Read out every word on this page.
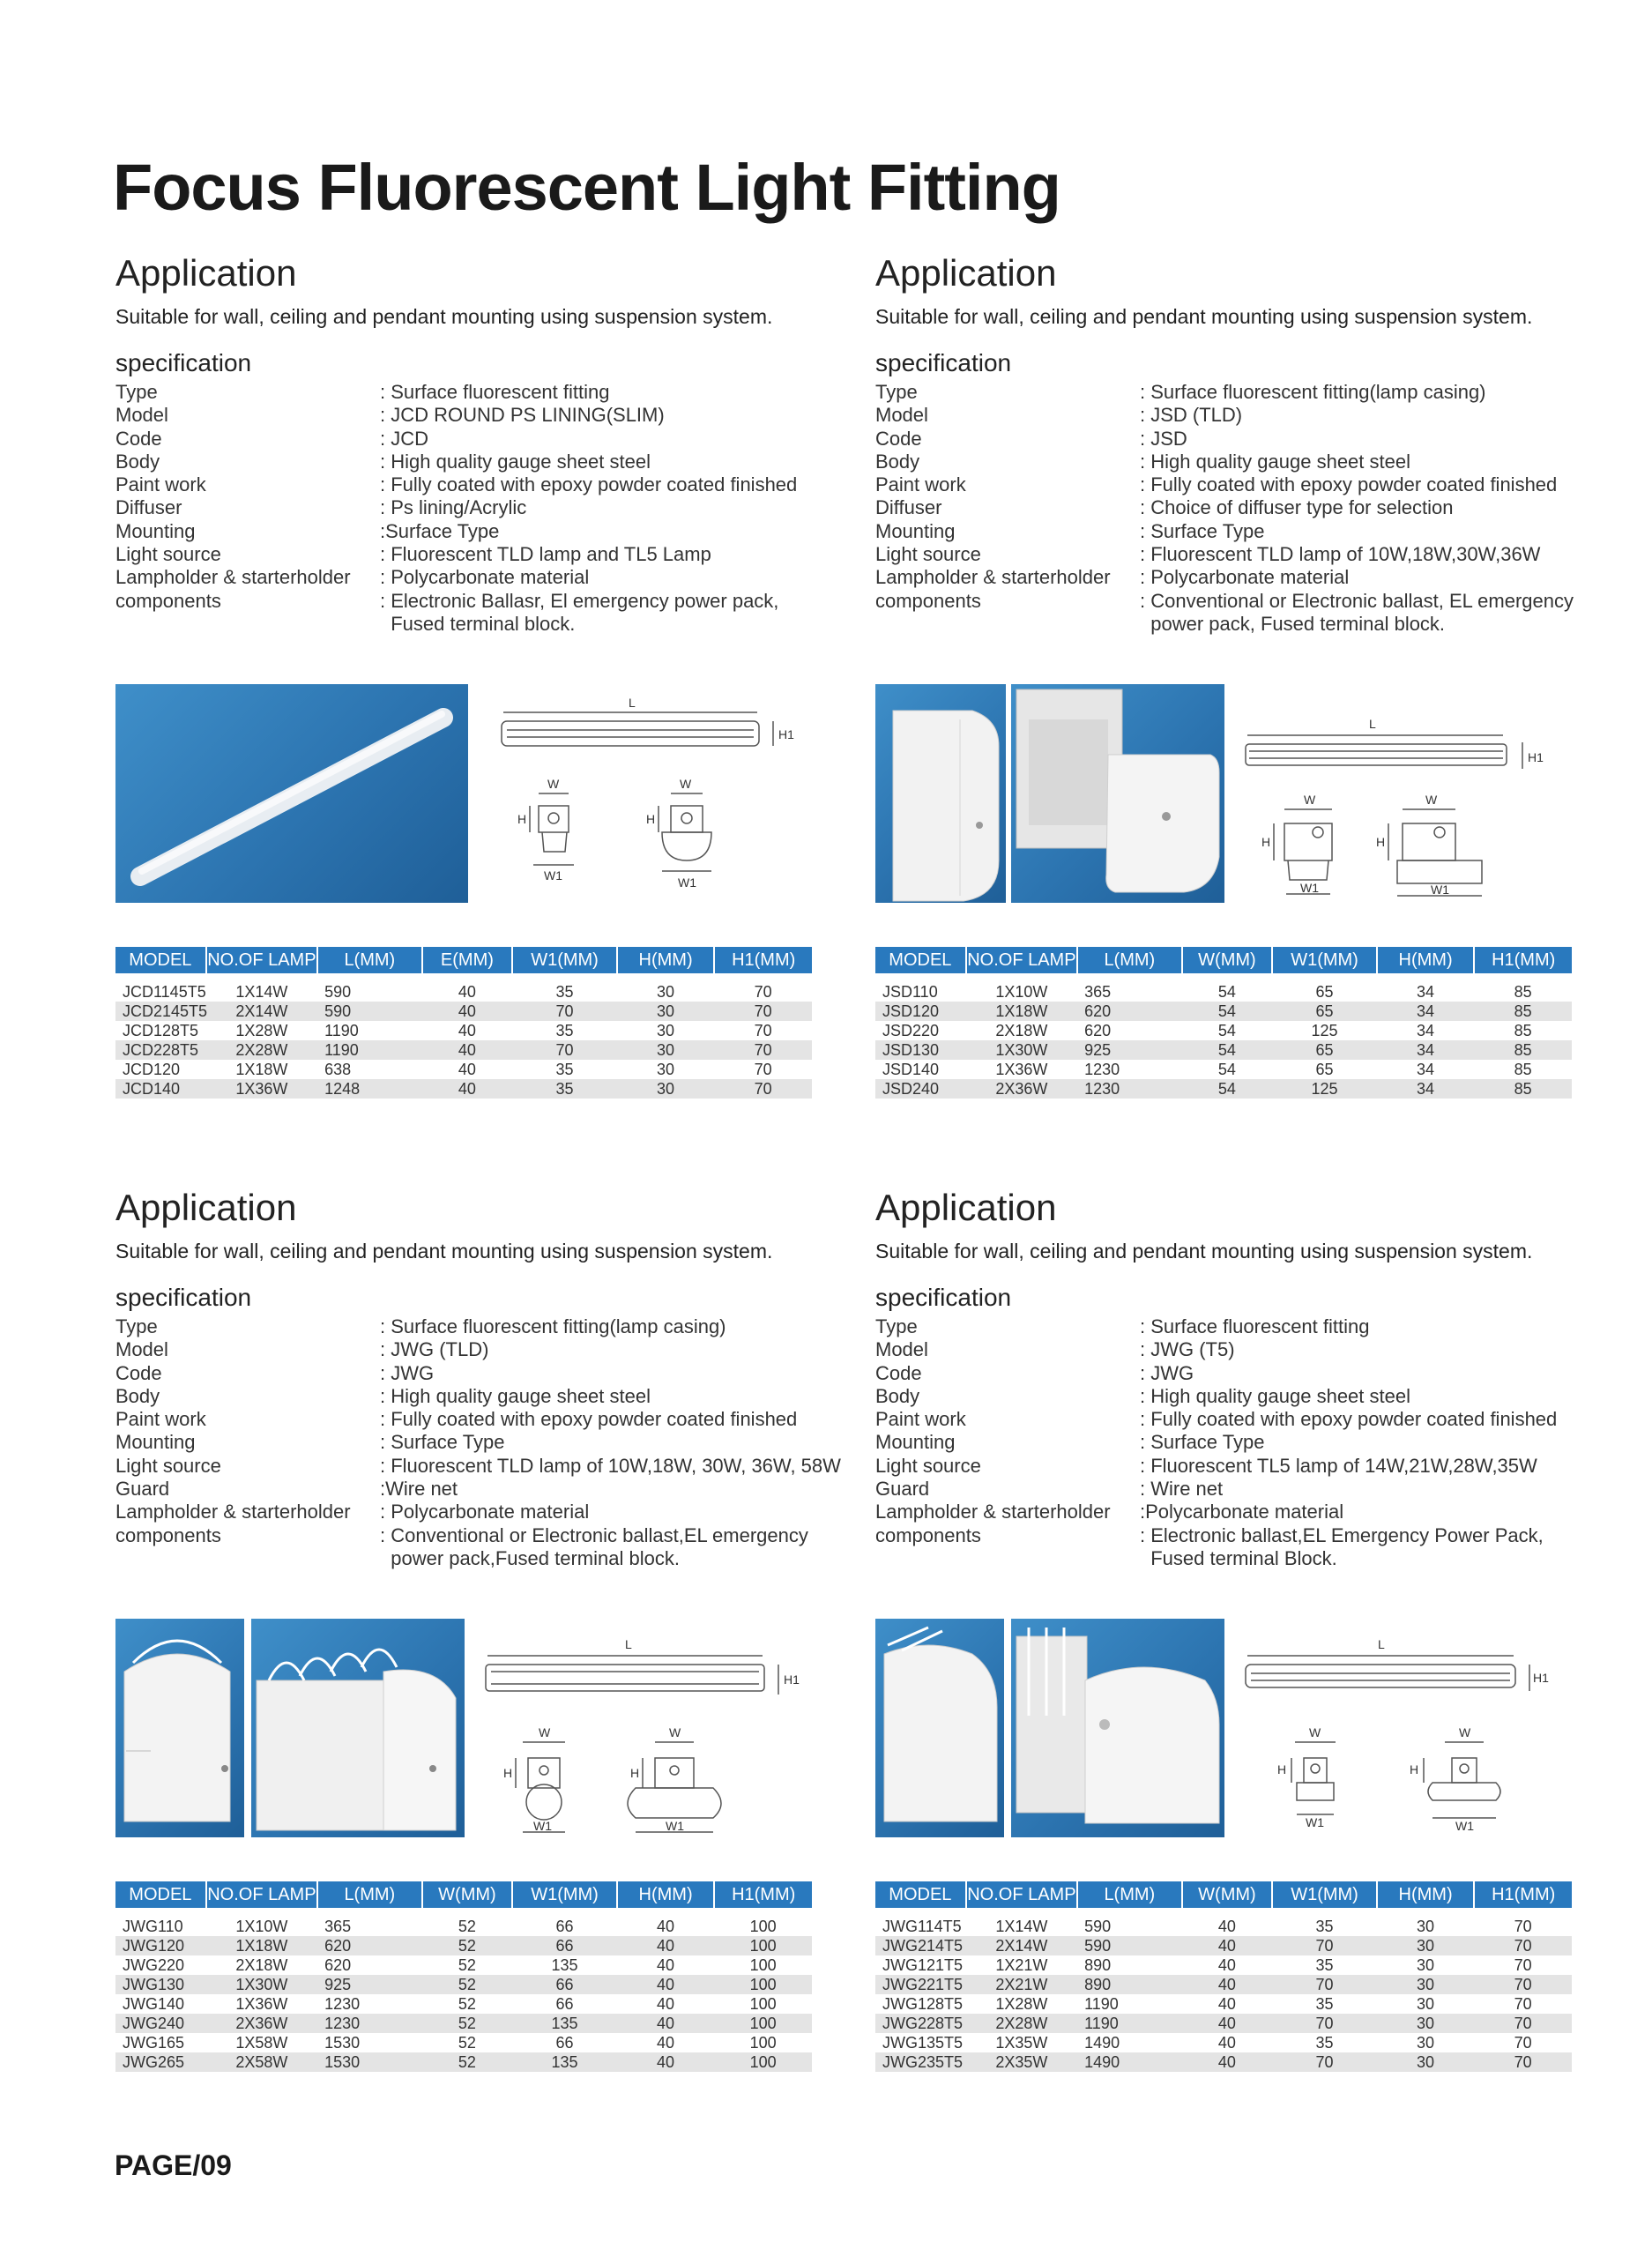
Focus Fluorescent Light Fitting
Application
Suitable for wall, ceiling and pendant mounting using suspension system.
specification
Type	: Surface fluorescent fitting
Model	: JCD ROUND PS LINING(SLIM)
Code	: JCD
Body	: High quality gauge sheet steel
Paint work	: Fully coated with epoxy powder coated finished
Diffuser	: Ps lining/Acrylic
Mounting	:Surface Type
Light source	: Fluorescent TLD lamp and TL5 Lamp
Lampholder & starterholder	: Polycarbonate material
components	: Electronic Ballasr, El emergency power pack,
Fused terminal block.
L
H1
W
H
W1
W
H
W1
MODEL	NO.OF LAMP	L(MM)	E(MM)	W1(MM)	H(MM)	H1(MM)

JCD1145T5	1X14W	590	40	35	30	70
JCD2145T5	2X14W	590	40	70	30	70
JCD128T5	1X28W	1190	40	35	30	70
JCD228T5	2X28W	1190	40	70	30	70
JCD120	1X18W	638	40	35	30	70
JCD140	1X36W	1248	40	35	30	70
Application
Suitable for wall, ceiling and pendant mounting using suspension system.
specification
Type	: Surface fluorescent fitting(lamp casing)
Model	: JSD (TLD)
Code	: JSD
Body	: High quality gauge sheet steel
Paint work	: Fully coated with epoxy powder coated finished
Diffuser	: Choice of diffuser type for selection
Mounting	: Surface Type
Light source	: Fluorescent TLD lamp of 10W,18W,30W,36W
Lampholder & starterholder	: Polycarbonate material
components	: Conventional or Electronic ballast, EL emergency
power pack, Fused terminal block.
L
H1
W
H
W1
W
H
W1
MODEL	NO.OF LAMP	L(MM)	W(MM)	W1(MM)	H(MM)	H1(MM)

JSD110	1X10W	365	54	65	34	85
JSD120	1X18W	620	54	65	34	85
JSD220	2X18W	620	54	125	34	85
JSD130	1X30W	925	54	65	34	85
JSD140	1X36W	1230	54	65	34	85
JSD240	2X36W	1230	54	125	34	85
Application
Suitable for wall, ceiling and pendant mounting using suspension system.
specification
Type	: Surface fluorescent fitting(lamp casing)
Model	: JWG (TLD)
Code	: JWG
Body	: High quality gauge sheet steel
Paint work	: Fully coated with epoxy powder coated finished
Mounting	: Surface Type
Light source	: Fluorescent TLD lamp of 10W,18W, 30W, 36W, 58W
Guard	:Wire net
Lampholder & starterholder	: Polycarbonate material
components	: Conventional or Electronic ballast,EL emergency
power pack,Fused terminal block.
L
H1
W
H
W1
W
H
W1
MODEL	NO.OF LAMP	L(MM)	W(MM)	W1(MM)	H(MM)	H1(MM)

JWG110	1X10W	365	52	66	40	100
JWG120	1X18W	620	52	66	40	100
JWG220	2X18W	620	52	135	40	100
JWG130	1X30W	925	52	66	40	100
JWG140	1X36W	1230	52	66	40	100
JWG240	2X36W	1230	52	135	40	100
JWG165	1X58W	1530	52	66	40	100
JWG265	2X58W	1530	52	135	40	100
Application
Suitable for wall, ceiling and pendant mounting using suspension system.
specification
Type	: Surface fluorescent fitting
Model	: JWG (T5)
Code	: JWG
Body	: High quality gauge sheet steel
Paint work	: Fully coated with epoxy powder coated finished
Mounting	: Surface Type
Light source	: Fluorescent TL5 lamp of 14W,21W,28W,35W
Guard	: Wire net
Lampholder & starterholder	:Polycarbonate material
components	: Electronic ballast,EL Emergency Power Pack,
Fused terminal Block.
L
H1
W
H
W1
W
H
W1
MODEL	NO.OF LAMP	L(MM)	W(MM)	W1(MM)	H(MM)	H1(MM)

JWG114T5	1X14W	590	40	35	30	70
JWG214T5	2X14W	590	40	70	30	70
JWG121T5	1X21W	890	40	35	30	70
JWG221T5	2X21W	890	40	70	30	70
JWG128T5	1X28W	1190	40	35	30	70
JWG228T5	2X28W	1190	40	70	30	70
JWG135T5	1X35W	1490	40	35	30	70
JWG235T5	2X35W	1490	40	70	30	70
PAGE/09
